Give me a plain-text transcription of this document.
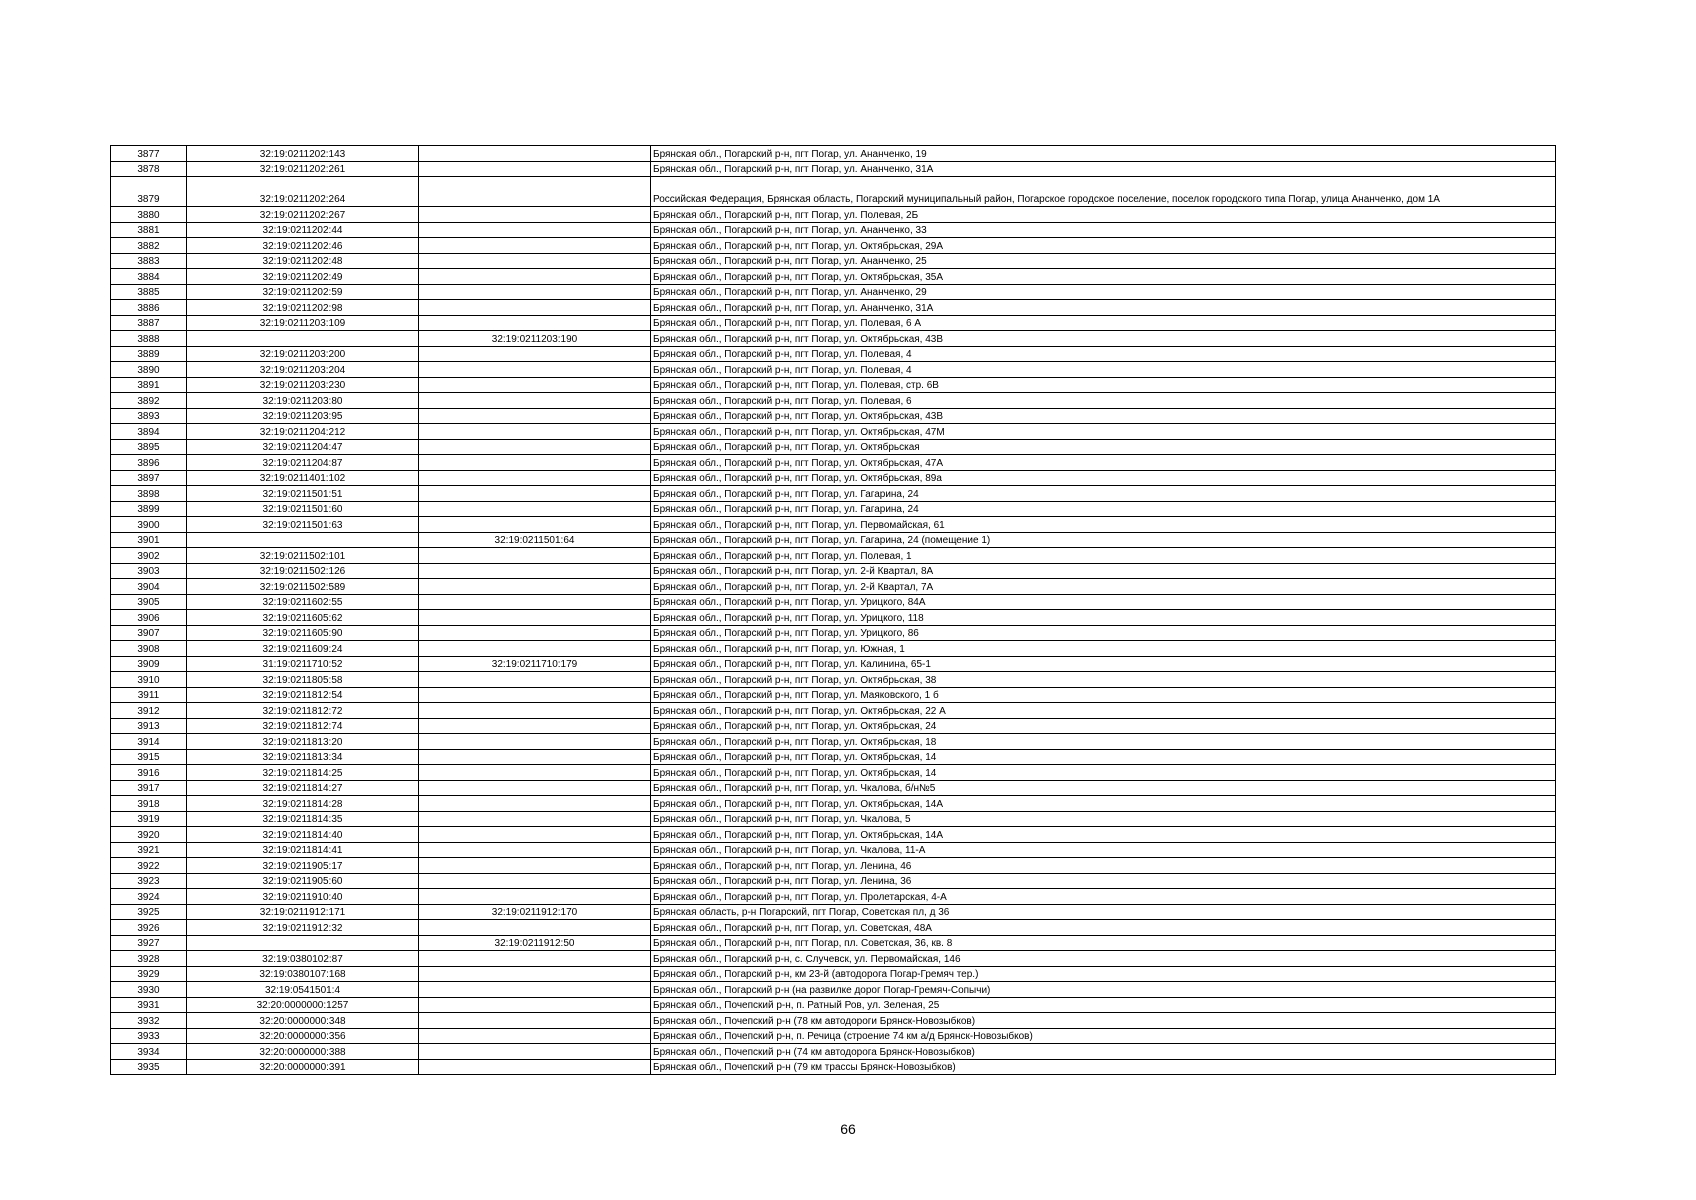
3877	32:19:0211202:143		Брянская обл., Погарский р-н, пгт Погар, ул. Ананченко, 19
3878	32:19:0211202:261		Брянская обл., Погарский р-н, пгт Погар, ул. Ананченко, 31А
3879	32:19:0211202:264		Российская Федерация, Брянская область, Погарский муниципальный район, Погарское городское поселение, поселок городского типа Погар, улица Ананченко, дом 1А
3880	32:19:0211202:267		Брянская обл., Погарский р-н, пгт Погар, ул. Полевая, 2Б
3881	32:19:0211202:44		Брянская обл., Погарский р-н, пгт Погар, ул. Ананченко, 33
3882	32:19:0211202:46		Брянская обл., Погарский р-н, пгт Погар, ул. Октябрьская, 29А
3883	32:19:0211202:48		Брянская обл., Погарский р-н, пгт Погар, ул. Ананченко, 25
3884	32:19:0211202:49		Брянская обл., Погарский р-н, пгт Погар, ул. Октябрьская, 35А
3885	32:19:0211202:59		Брянская обл., Погарский р-н, пгт Погар, ул. Ананченко, 29
3886	32:19:0211202:98		Брянская обл., Погарский р-н, пгт Погар, ул. Ананченко, 31А
3887	32:19:0211203:109		Брянская обл., Погарский р-н, пгт Погар, ул. Полевая, 6 А
3888		32:19:0211203:190	Брянская обл., Погарский р-н, пгт Погар, ул. Октябрьская, 43В
3889	32:19:0211203:200		Брянская обл., Погарский р-н, пгт Погар, ул. Полевая, 4
3890	32:19:0211203:204		Брянская обл., Погарский р-н, пгт Погар, ул. Полевая, 4
3891	32:19:0211203:230		Брянская обл., Погарский р-н, пгт Погар, ул. Полевая, стр. 6В
3892	32:19:0211203:80		Брянская обл., Погарский р-н, пгт Погар, ул. Полевая, 6
3893	32:19:0211203:95		Брянская обл., Погарский р-н, пгт Погар, ул. Октябрьская, 43В
3894	32:19:0211204:212		Брянская обл., Погарский р-н, пгт Погар, ул. Октябрьская, 47М
3895	32:19:0211204:47		Брянская обл., Погарский р-н, пгт Погар, ул. Октябрьская
3896	32:19:0211204:87		Брянская обл., Погарский р-н, пгт Погар, ул. Октябрьская, 47А
3897	32:19:0211401:102		Брянская обл., Погарский р-н, пгт Погар, ул. Октябрьская, 89а
3898	32:19:0211501:51		Брянская обл., Погарский р-н, пгт Погар, ул. Гагарина, 24
3899	32:19:0211501:60		Брянская обл., Погарский р-н, пгт Погар, ул. Гагарина, 24
3900	32:19:0211501:63		Брянская обл., Погарский р-н, пгт Погар, ул. Первомайская, 61
3901		32:19:0211501:64	Брянская обл., Погарский р-н, пгт Погар, ул. Гагарина, 24 (помещение 1)
3902	32:19:0211502:101		Брянская обл., Погарский р-н, пгт Погар, ул. Полевая, 1
3903	32:19:0211502:126		Брянская обл., Погарский р-н, пгт Погар, ул. 2-й Квартал, 8А
3904	32:19:0211502:589		Брянская обл., Погарский р-н, пгт Погар, ул. 2-й Квартал, 7А
3905	32:19:0211602:55		Брянская обл., Погарский р-н, пгт Погар, ул. Урицкого, 84А
3906	32:19:0211605:62		Брянская обл., Погарский р-н, пгт Погар, ул. Урицкого, 118
3907	32:19:0211605:90		Брянская обл., Погарский р-н, пгт Погар, ул. Урицкого, 86
3908	32:19:0211609:24		Брянская обл., Погарский р-н, пгт Погар, ул. Южная, 1
3909	31:19:0211710:52	32:19:0211710:179	Брянская обл., Погарский р-н, пгт Погар, ул. Калинина, 65-1
3910	32:19:0211805:58		Брянская обл., Погарский р-н, пгт Погар, ул. Октябрьская, 38
3911	32:19:0211812:54		Брянская обл., Погарский р-н, пгт Погар, ул. Маяковского, 1 б
3912	32:19:0211812:72		Брянская обл., Погарский р-н, пгт Погар, ул. Октябрьская, 22 А
3913	32:19:0211812:74		Брянская обл., Погарский р-н, пгт Погар, ул. Октябрьская, 24
3914	32:19:0211813:20		Брянская обл., Погарский р-н, пгт Погар, ул. Октябрьская, 18
3915	32:19:0211813:34		Брянская обл., Погарский р-н, пгт Погар, ул. Октябрьская, 14
3916	32:19:0211814:25		Брянская обл., Погарский р-н, пгт Погар, ул. Октябрьская, 14
3917	32:19:0211814:27		Брянская обл., Погарский р-н, пгт Погар, ул. Чкалова, б/н№5
3918	32:19:0211814:28		Брянская обл., Погарский р-н, пгт Погар, ул. Октябрьская, 14А
3919	32:19:0211814:35		Брянская обл., Погарский р-н, пгт Погар, ул. Чкалова, 5
3920	32:19:0211814:40		Брянская обл., Погарский р-н, пгт Погар, ул. Октябрьская, 14А
3921	32:19:0211814:41		Брянская обл., Погарский р-н, пгт Погар, ул. Чкалова, 11-А
3922	32:19:0211905:17		Брянская обл., Погарский р-н, пгт Погар, ул. Ленина, 46
3923	32:19:0211905:60		Брянская обл., Погарский р-н, пгт Погар, ул. Ленина, 36
3924	32:19:0211910:40		Брянская обл., Погарский р-н, пгт Погар, ул. Пролетарская, 4-А
3925	32:19:0211912:171	32:19:0211912:170	Брянская область, р-н Погарский, пгт Погар, Советская пл, д 36
3926	32:19:0211912:32		Брянская обл., Погарский р-н, пгт Погар, ул. Советская, 48А
3927		32:19:0211912:50	Брянская обл., Погарский р-н, пгт Погар, пл. Советская, 36, кв. 8
3928	32:19:0380102:87		Брянская обл., Погарский р-н, с. Случевск, ул. Первомайская, 146
3929	32:19:0380107:168		Брянская обл., Погарский р-н, км 23-й (автодорога Погар-Гремяч тер.)
3930	32:19:0541501:4		Брянская обл., Погарский р-н (на развилке дорог Погар-Гремяч-Сопычи)
3931	32:20:0000000:1257		Брянская обл., Почепский р-н, п. Ратный Ров, ул. Зеленая, 25
3932	32:20:0000000:348		Брянская обл., Почепский р-н (78 км автодороги Брянск-Новозыбков)
3933	32:20:0000000:356		Брянская обл., Почепский р-н, п. Речица (строение 74 км а/д Брянск-Новозыбков)
3934	32:20:0000000:388		Брянская обл., Почепский р-н (74 км автодорога Брянск-Новозыбков)
3935	32:20:0000000:391		Брянская обл., Почепский р-н (79 км трассы Брянск-Новозыбков)
66
